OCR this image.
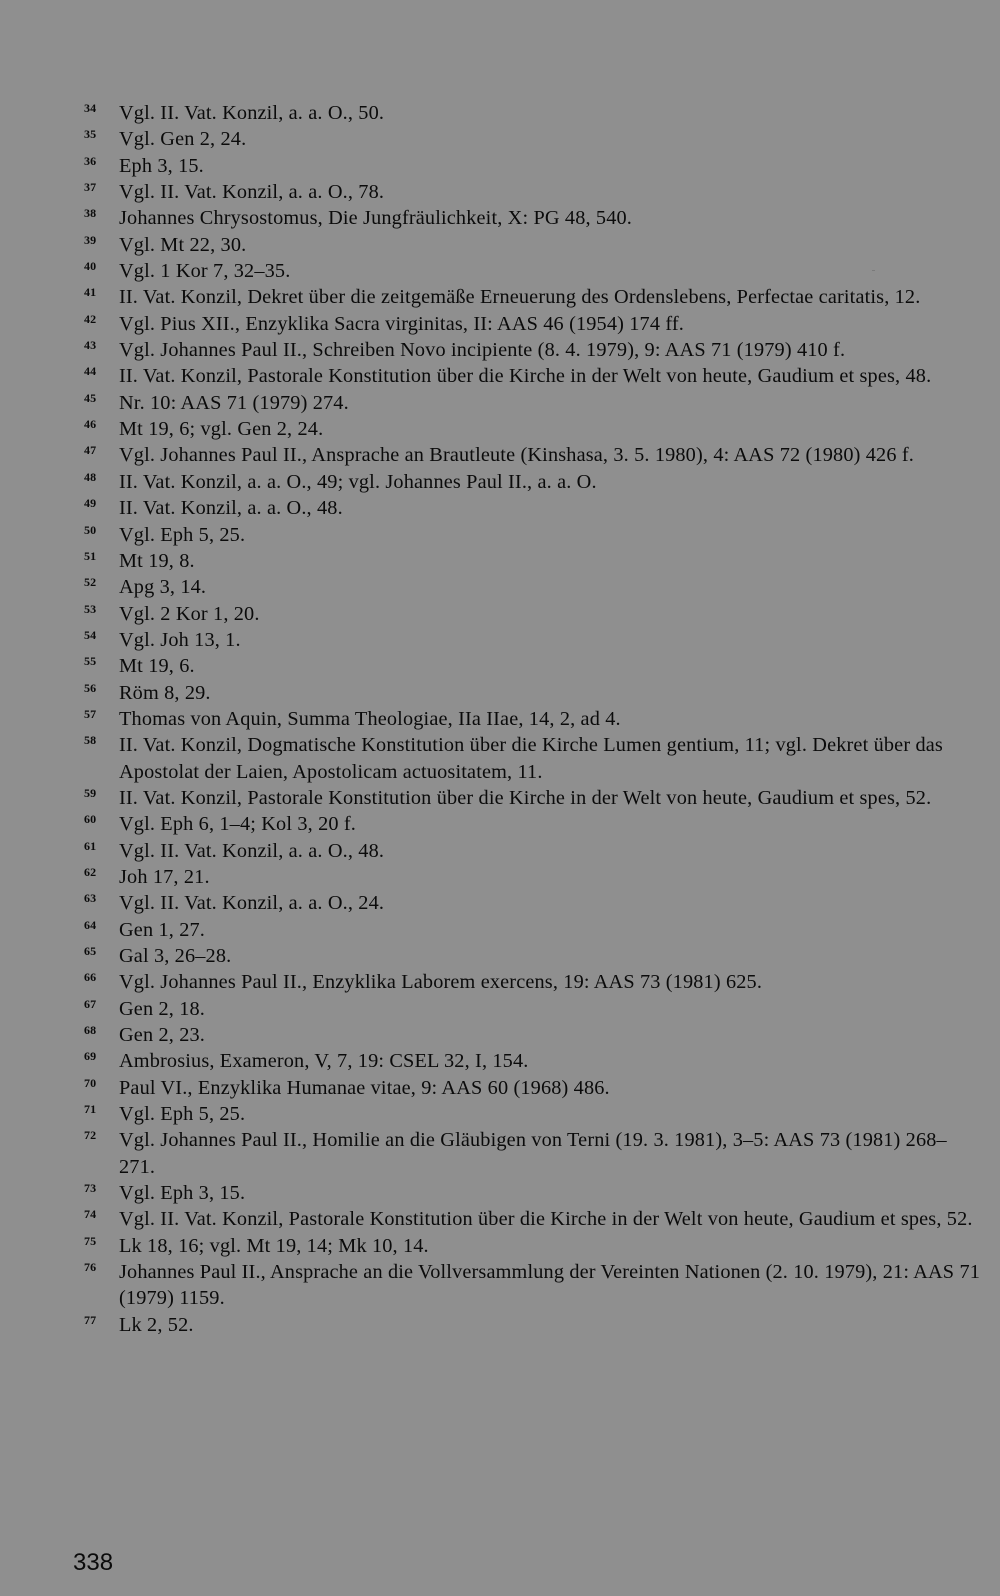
34	Vgl. II. Vat. Konzil, a. a. O., 50.

35	Vgl. Gen 2, 24.

36	Eph 3, 15.

37	Vgl. II. Vat. Konzil, a. a. O., 78.

38	Johannes Chrysostomus, Die Jungfräulichkeit, X: PG 48, 540.

39	Vgl. Mt 22, 30.

40	Vgl. 1 Kor 7, 32–35.

41	II. Vat. Konzil, Dekret über die zeitgemäße Erneuerung des Ordenslebens, Perfectae caritatis, 12.

42	Vgl. Pius XII., Enzyklika Sacra virginitas, II: AAS 46 (1954) 174 ff.

43	Vgl. Johannes Paul II., Schreiben Novo incipiente (8. 4. 1979), 9: AAS 71 (1979) 410 f.

44	II. Vat. Konzil, Pastorale Konstitution über die Kirche in der Welt von heute, Gaudium et spes, 48.

45	Nr. 10: AAS 71 (1979) 274.

46	Mt 19, 6; vgl. Gen 2, 24.

47	Vgl. Johannes Paul II., Ansprache an Brautleute (Kinshasa, 3. 5. 1980), 4: AAS 72 (1980) 426 f.

48	II. Vat. Konzil, a. a. O., 49; vgl. Johannes Paul II., a. a. O.

49	II. Vat. Konzil, a. a. O., 48.

50	Vgl. Eph 5, 25.

51	Mt 19, 8.

52	Apg 3, 14.

53	Vgl. 2 Kor 1, 20.

54	Vgl. Joh 13, 1.

55	Mt 19, 6.

56	Röm 8, 29.

57	Thomas von Aquin, Summa Theologiae, IIa IIae, 14, 2, ad 4.

58	II. Vat. Konzil, Dogmatische Konstitution über die Kirche Lumen gentium, 11; vgl. Dekret über das Apostolat der Laien, Apostolicam actuositatem, 11.

59	II. Vat. Konzil, Pastorale Konstitution über die Kirche in der Welt von heute, Gaudium et spes, 52.

60	Vgl. Eph 6, 1–4; Kol 3, 20 f.

61	Vgl. II. Vat. Konzil, a. a. O., 48.

62	Joh 17, 21.

63	Vgl. II. Vat. Konzil, a. a. O., 24.

64	Gen 1, 27.

65	Gal 3, 26–28.

66	Vgl. Johannes Paul II., Enzyklika Laborem exercens, 19: AAS 73 (1981) 625.

67	Gen 2, 18.

68	Gen 2, 23.

69	Ambrosius, Exameron, V, 7, 19: CSEL 32, I, 154.

70	Paul VI., Enzyklika Humanae vitae, 9: AAS 60 (1968) 486.

71	Vgl. Eph 5, 25.

72	Vgl. Johannes Paul II., Homilie an die Gläubigen von Terni (19. 3. 1981), 3–5: AAS 73 (1981) 268–271.

73	Vgl. Eph 3, 15.

74	Vgl. II. Vat. Konzil, Pastorale Konstitution über die Kirche in der Welt von heute, Gaudium et spes, 52.

75	Lk 18, 16; vgl. Mt 19, 14; Mk 10, 14.

76	Johannes Paul II., Ansprache an die Vollversammlung der Vereinten Nationen (2. 10. 1979), 21: AAS 71 (1979) 1159.

77	Lk 2, 52.

338
